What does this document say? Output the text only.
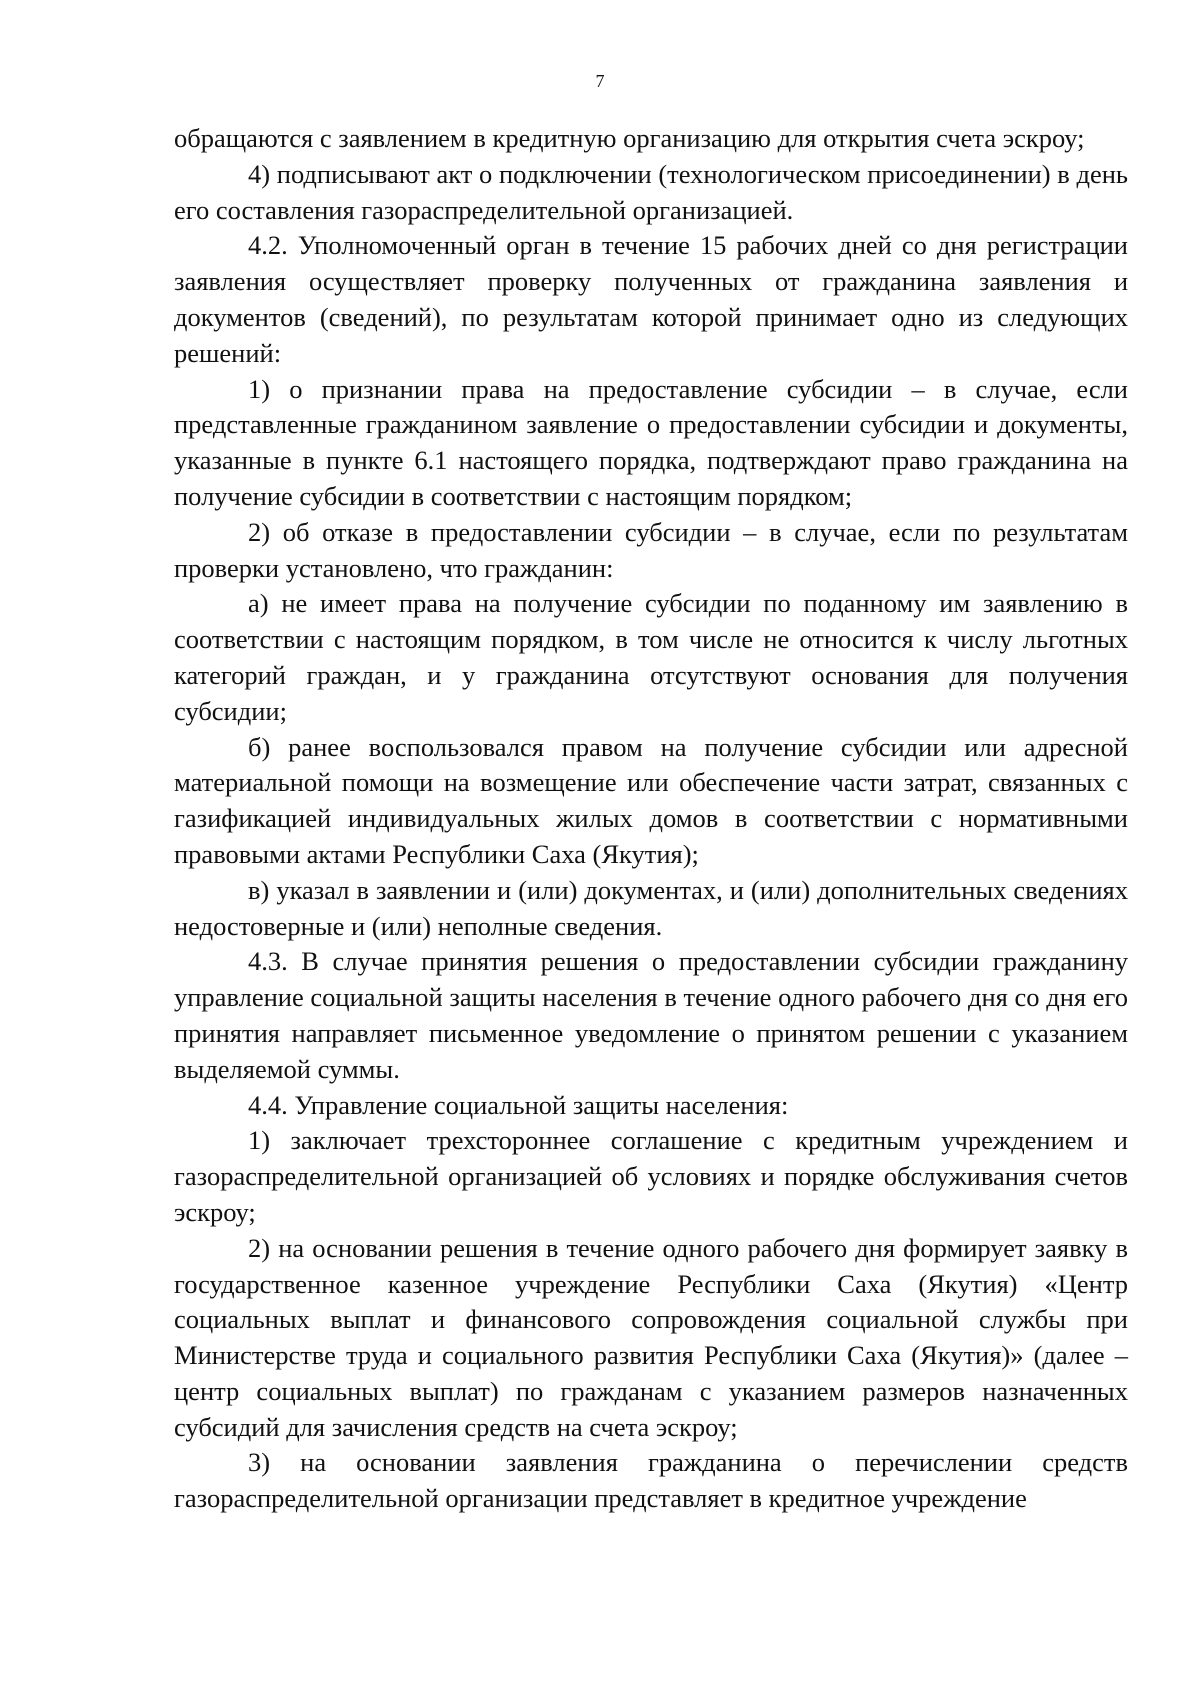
7

обращаются с заявлением в кредитную организацию для открытия счета эскроу;

4) подписывают акт о подключении (технологическом присоединении) в день его составления газораспределительной организацией.

4.2. Уполномоченный орган в течение 15 рабочих дней со дня регистрации заявления осуществляет проверку полученных от гражданина заявления и документов (сведений), по результатам которой принимает одно из следующих решений:

1) о признании права на предоставление субсидии – в случае, если представленные гражданином заявление о предоставлении субсидии и документы, указанные в пункте 6.1 настоящего порядка, подтверждают право гражданина на получение субсидии в соответствии с настоящим порядком;

2) об отказе в предоставлении субсидии – в случае, если по результатам проверки установлено, что гражданин:

а) не имеет права на получение субсидии по поданному им заявлению в соответствии с настоящим порядком, в том числе не относится к числу льготных категорий граждан, и у гражданина отсутствуют основания для получения субсидии;

б) ранее воспользовался правом на получение субсидии или адресной материальной помощи на возмещение или обеспечение части затрат, связанных с газификацией индивидуальных жилых домов в соответствии с нормативными правовыми актами Республики Саха (Якутия);

в) указал в заявлении и (или) документах, и (или) дополнительных сведениях недостоверные и (или) неполные сведения.

4.3. В случае принятия решения о предоставлении субсидии гражданину управление социальной защиты населения в течение одного рабочего дня со дня его принятия направляет письменное уведомление о принятом решении с указанием выделяемой суммы.

4.4. Управление социальной защиты населения:

1) заключает трехстороннее соглашение с кредитным учреждением и газораспределительной организацией об условиях и порядке обслуживания счетов эскроу;

2) на основании решения в течение одного рабочего дня формирует заявку в государственное казенное учреждение Республики Саха (Якутия) «Центр социальных выплат и финансового сопровождения социальной службы при Министерстве труда и социального развития Республики Саха (Якутия)» (далее – центр социальных выплат) по гражданам с указанием размеров назначенных субсидий для зачисления средств на счета эскроу;

3) на основании заявления гражданина о перечислении средств газораспределительной организации представляет в кредитное учреждение
